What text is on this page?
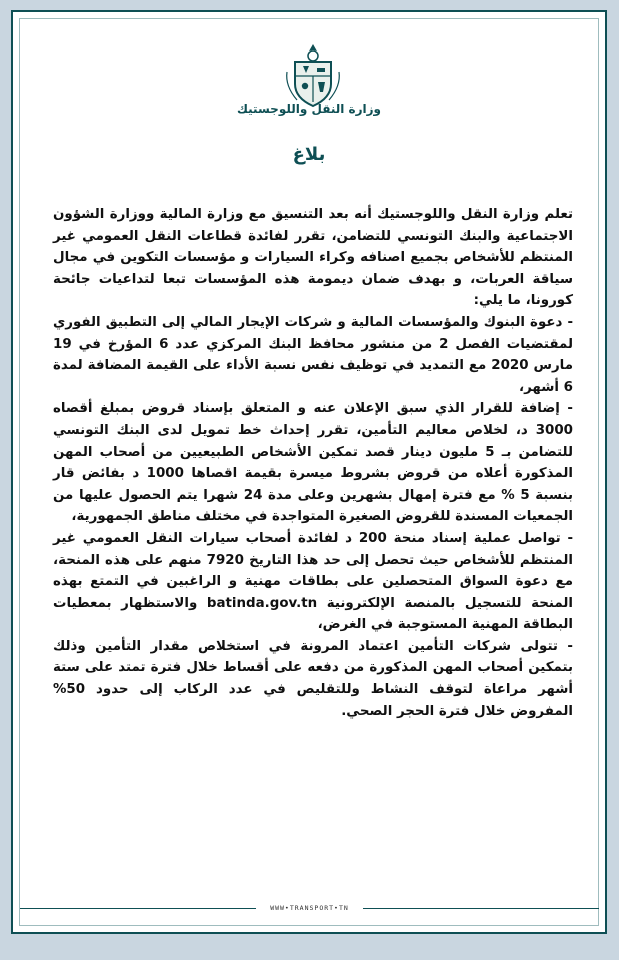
وزارة النقل واللوجستيك
بلاغ

تعلم وزارة النقل واللوجستيك أنه بعد التنسيق مع وزارة المالية ووزارة الشؤون الاجتماعية والبنك التونسي للتضامن، تقرر لفائدة قطاعات النقل العمومي غير المنتظم للأشخاص بجميع اصنافه وكراء السيارات و مؤسسات التكوين في مجال سياقة العربات، و بهدف ضمان ديمومة هذه المؤسسات تبعا لتداعيات جائحة كورونا، ما يلي:

- دعوة البنوك والمؤسسات المالية و شركات الإيجار المالي إلى التطبيق الفوري لمقتضيات الفصل 2 من منشور محافظ البنك المركزي عدد 6 المؤرخ في 19 مارس 2020 مع التمديد في توظيف نفس نسبة الأداء على القيمة المضافة لمدة 6 أشهر،

- إضافة للقرار الذي سبق الإعلان عنه و المتعلق بإسناد قروض بمبلغ أقصاه 3000 د، لخلاص معاليم التأمين، تقرر إحداث خط تمويل لدى البنك التونسي للتضامن بـ 5 مليون دينار قصد تمكين الأشخاص الطبيعيين من أصحاب المهن المذكورة أعلاه من قروض بشروط ميسرة بقيمة اقصاها 1000 د بفائض قار بنسبة 5 % مع فترة إمهال بشهرين وعلى مدة 24 شهرا يتم الحصول عليها من الجمعيات المسندة للقروض الصغيرة المتواجدة في مختلف مناطق الجمهورية،

- تواصل عملية إسناد منحة 200 د لفائدة أصحاب سيارات النقل العمومي غير المنتظم للأشخاص حيث تحصل إلى حد هذا التاريخ 7920 منهم على هذه المنحة، مع دعوة السواق المتحصلين على بطاقات مهنية و الراغبين في التمتع بهذه المنحة للتسجيل بالمنصة الإلكترونية batinda.gov.tn والاستظهار بمعطيات البطاقة المهنية المستوجبة في الغرض،

- تتولى شركات التأمين اعتماد المرونة في استخلاص مقدار التأمين وذلك بتمكين أصحاب المهن المذكورة من دفعه على أقساط خلال فترة تمتد على ستة أشهر مراعاة لتوقف النشاط وللتقليص في عدد الركاب إلى حدود 50% المفروض خلال فترة الحجر الصحي.

WWW•TRANSPORT•TN
